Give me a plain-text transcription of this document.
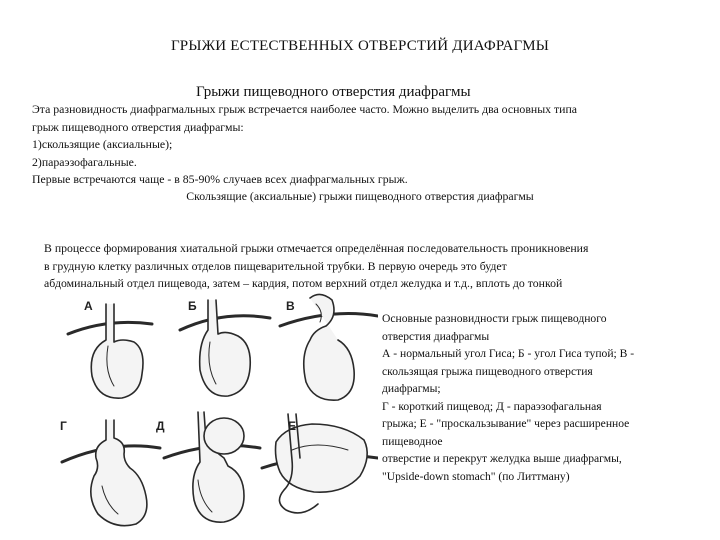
ГРЫЖИ ЕСТЕСТВЕННЫХ ОТВЕРСТИЙ ДИАФРАГМЫ
Грыжи пищеводного отверстия диафрагмы
Эта разновидность диафрагмальных грыж встречается наиболее часто. Можно выделить два основных типа
грыж пищеводного отверстия диафрагмы:
1)скользящие (аксиальные);
2)параэзофагальные.
Первые встречаются чаще - в 85-90% случаев всех диафрагмальных грыж.
Скользящие (аксиальные) грыжи пищеводного отверстия диафрагмы
В процессе формирования хиатальной грыжи отмечается определённая последовательность проникновения
в грудную клетку различных отделов пищеварительной трубки. В первую очередь это будет
абдоминальный отдел пищевода, затем – кардия, потом верхний отдел желудка и т.д., вплоть до тонкой
А	Б	В
Г	Д	Е
Основные разновидности грыж пищеводного
отверстия диафрагмы
А - нормальный угол Гиса; Б - угол Гиса тупой; В -
скользящая грыжа пищеводного отверстия
диафрагмы;
Г - короткий пищевод; Д - параэзофагальная
грыжа; Е - "проскальзывание" через расширенное
пищеводное
отверстие и перекрут желудка выше диафрагмы,
"Upside-down stomach" (по Литтману)
